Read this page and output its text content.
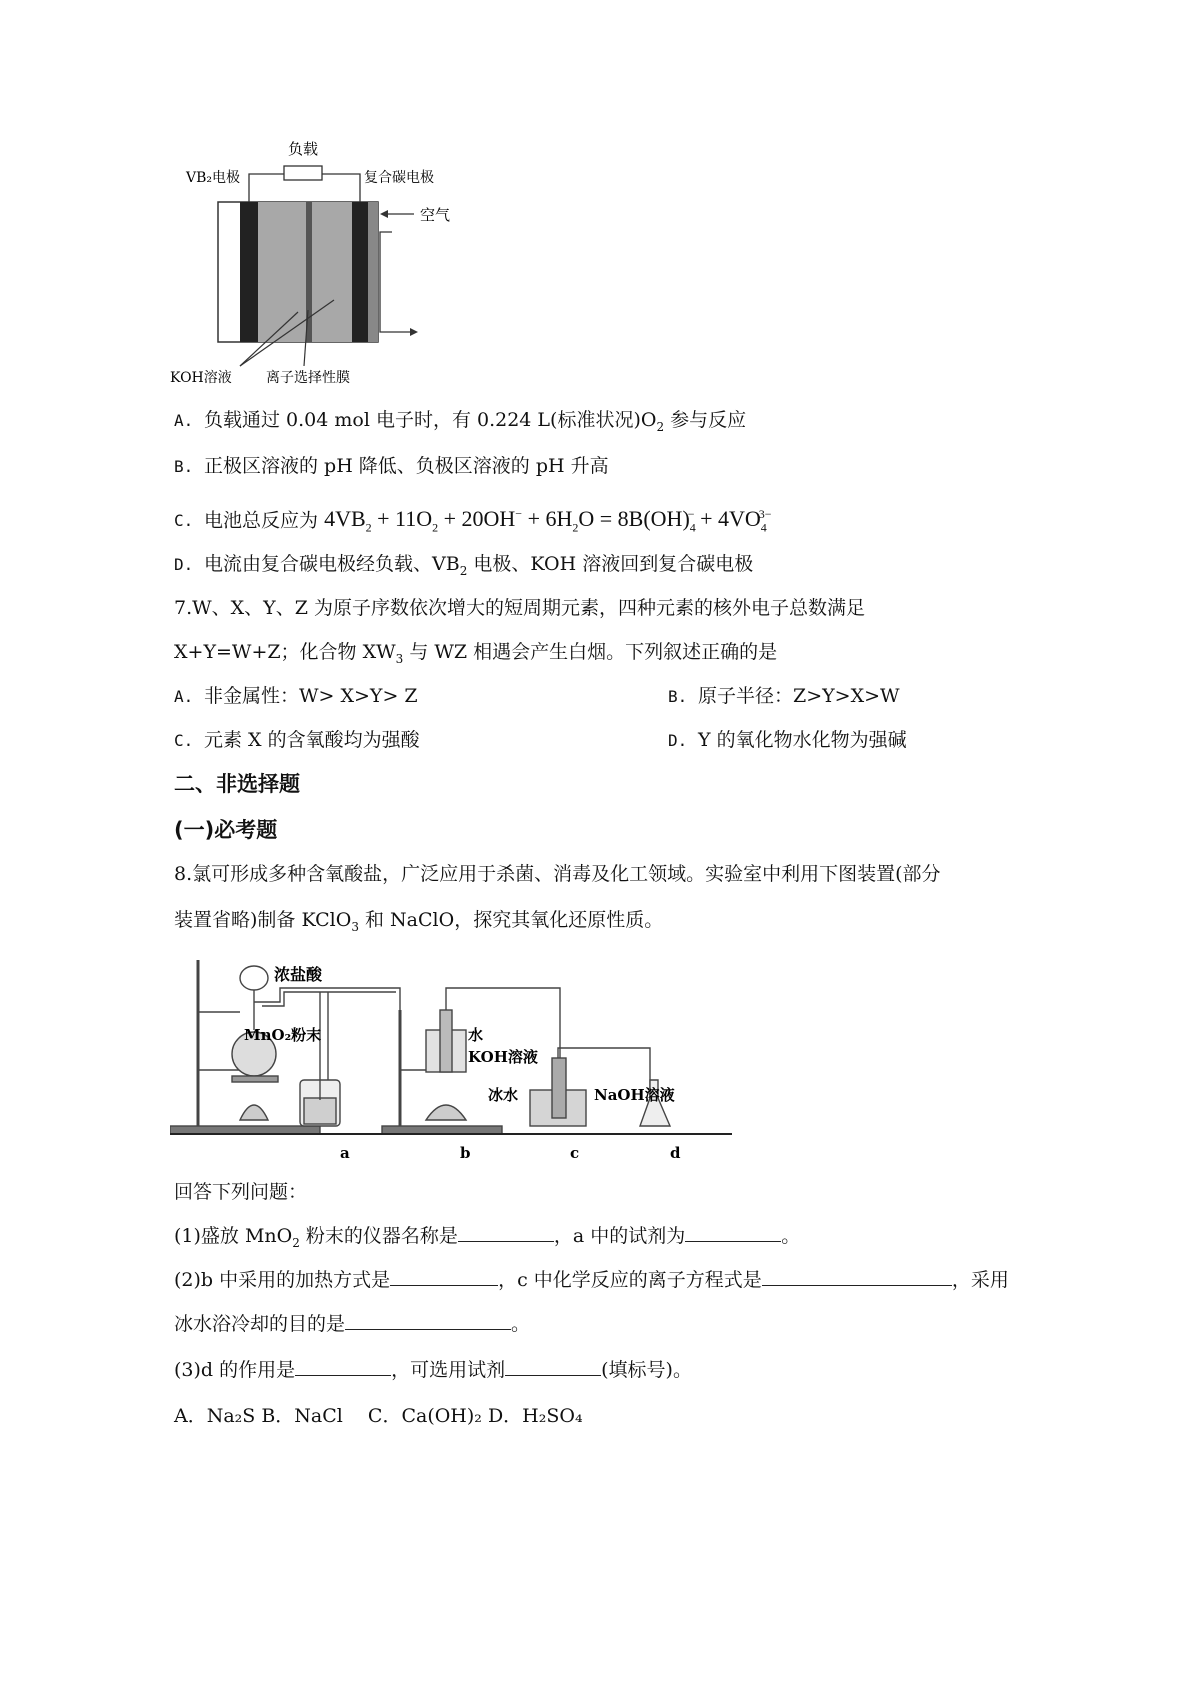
负载
VB₂电极	复合碳电极
空气
KOH溶液 离子选择性膜
A. 负载通过 0.04 mol 电子时，有 0.224 L(标准状况)$O_2$ 参与反应
B. 正极区溶液的 pH 降低、负极区溶液的 pH 升高
C. 电池总反应为 $4VB_2 + 11O_2 + 20OH^- + 6H_2O = 8B(OH)_4^- + 4VO_4^{3-}$
D. 电流由复合碳电极经负载、$VB_2$ 电极、KOH 溶液回到复合碳电极
7.W、X、Y、Z 为原子序数依次增大的短周期元素，四种元素的核外电子总数满足
X+Y=W+Z；化合物 $XW_3$ 与 WZ 相遇会产生白烟。下列叙述正确的是
A. 非金属性：W> X>Y> Z	B. 原子半径：Z>Y>X>W
C. 元素 X 的含氧酸均为强酸	D. Y 的氧化物水化物为强碱
二、非选择题
(一)必考题
8.氯可形成多种含氧酸盐，广泛应用于杀菌、消毒及化工领域。实验室中利用下图装置(部分
装置省略)制备 KClO$_3$ 和 NaClO，探究其氧化还原性质。
浓盐酸
MnO₂粉末	水
KOH溶液
冰水	NaOH溶液
a	b	c	d
回答下列问题：
(1)盛放 MnO$_2$ 粉末的仪器名称是	，a 中的试剂为	。
(2)b 中采用的加热方式是	，c 中化学反应的离子方程式是	，采用
冰水浴冷却的目的是	。
(3)d 的作用是	，可选用试剂	(填标号)。
A．Na₂S B．NaCl　 C．Ca(OH)₂ D．H₂SO₄
